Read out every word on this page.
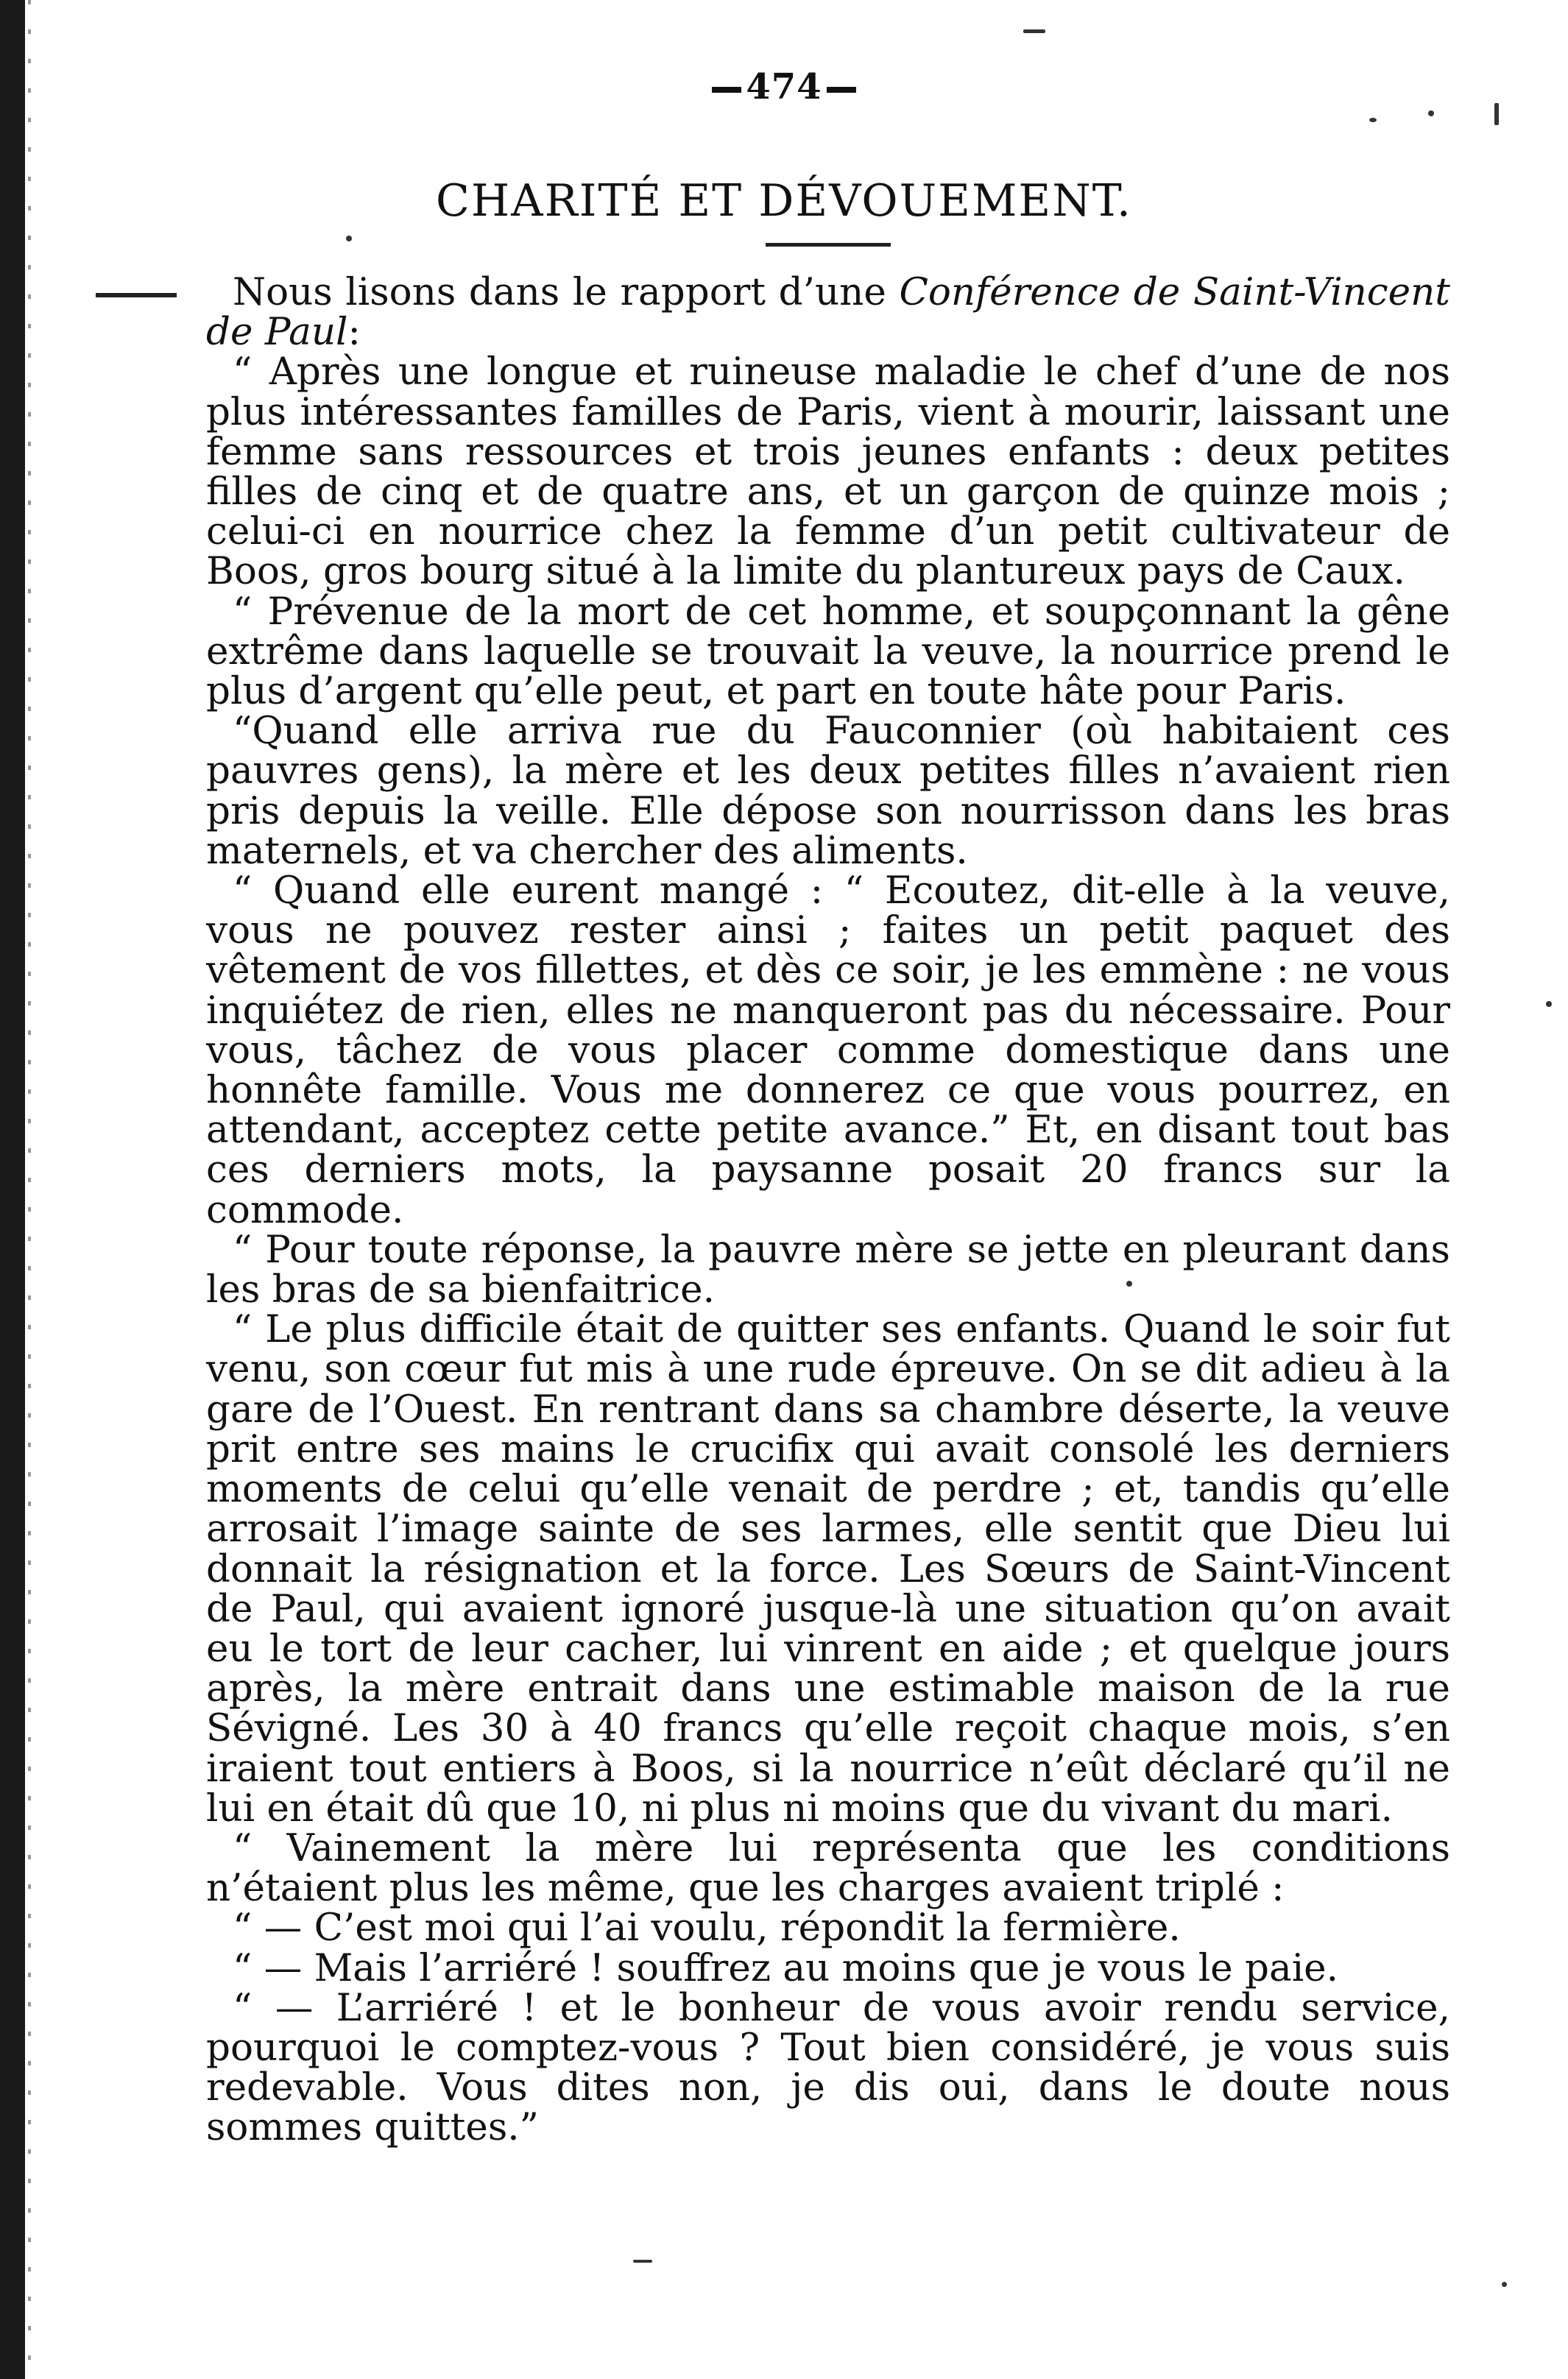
474
CHARITÉ ET DÉVOUEMENT.

Nous lisons dans le rapport d’une Conférence de Saint-Vincent de Paul:

“ Après une longue et ruineuse maladie le chef d’une de nos plus intéressantes familles de Paris, vient à mourir, laissant une femme sans ressources et trois jeunes enfants : deux petites filles de cinq et de quatre ans, et un garçon de quinze mois ; celui-ci en nourrice chez la femme d’un petit cultivateur de Boos, gros bourg situé à la limite du plantureux pays de Caux.

“ Prévenue de la mort de cet homme, et soupçonnant la gêne extrême dans laquelle se trouvait la veuve, la nourrice prend le plus d’argent qu’elle peut, et part en toute hâte pour Paris.

“Quand elle arriva rue du Fauconnier (où habitaient ces pauvres gens), la mère et les deux petites filles n’avaient rien pris depuis la veille. Elle dépose son nourrisson dans les bras maternels, et va chercher des aliments.

“ Quand elle eurent mangé : “ Ecoutez, dit-elle à la veuve, vous ne pouvez rester ainsi ; faites un petit paquet des vêtement de vos fillettes, et dès ce soir, je les emmène : ne vous inquiétez de rien, elles ne manqueront pas du nécessaire. Pour vous, tâchez de vous placer comme domestique dans une honnête famille. Vous me donnerez ce que vous pourrez, en attendant, acceptez cette petite avance.” Et, en disant tout bas ces derniers mots, la paysanne posait 20 francs sur la commode.

“ Pour toute réponse, la pauvre mère se jette en pleurant dans les bras de sa bienfaitrice.

“ Le plus difficile était de quitter ses enfants. Quand le soir fut venu, son cœur fut mis à une rude épreuve. On se dit adieu à la gare de l’Ouest. En rentrant dans sa chambre déserte, la veuve prit entre ses mains le crucifix qui avait consolé les derniers moments de celui qu’elle venait de perdre ; et, tandis qu’elle arrosait l’image sainte de ses larmes, elle sentit que Dieu lui donnait la résignation et la force. Les Sœurs de Saint-Vincent de Paul, qui avaient ignoré jusque-là une situation qu’on avait eu le tort de leur cacher, lui vinrent en aide ; et quelque jours après, la mère entrait dans une estimable maison de la rue Sévigné. Les 30 à 40 francs qu’elle reçoit chaque mois, s’en iraient tout entiers à Boos, si la nourrice n’eût déclaré qu’il ne lui en était dû que 10, ni plus ni moins que du vivant du mari.

“ Vainement la mère lui représenta que les conditions n’étaient plus les même, que les charges avaient triplé :

“ — C’est moi qui l’ai voulu, répondit la fermière.

“ — Mais l’arriéré ! souffrez au moins que je vous le paie.

“ — L’arriéré ! et le bonheur de vous avoir rendu service, pourquoi le comptez-vous ? Tout bien considéré, je vous suis redevable. Vous dites non, je dis oui, dans le doute nous sommes quittes.”
